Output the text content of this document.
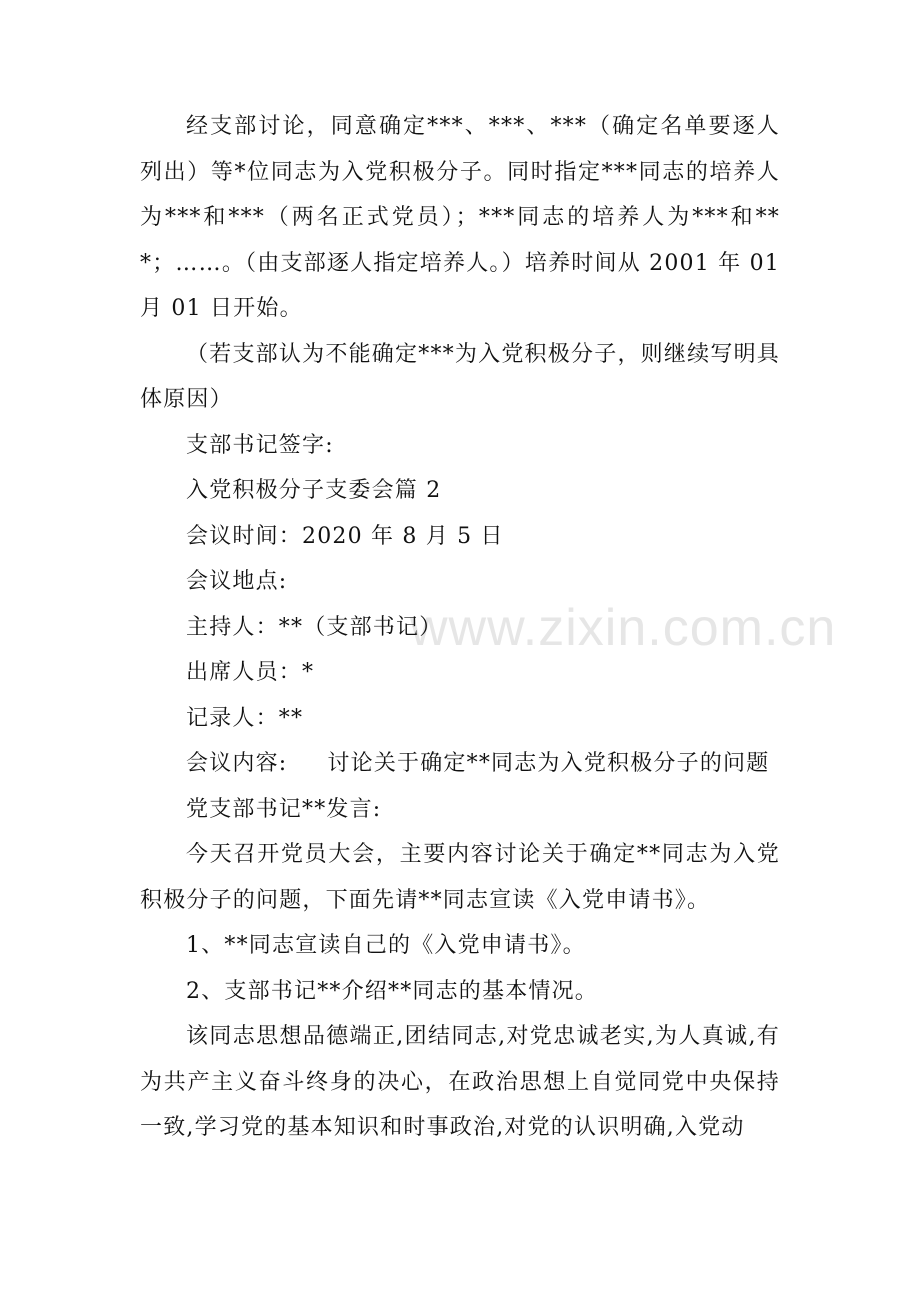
www.zixin.com.cn

经支部讨论，同意确定***、***、***（确定名单要逐人列出）等*位同志为入党积极分子。同时指定***同志的培养人为***和***（两名正式党员）；***同志的培养人为***和***；……。（由支部逐人指定培养人。）培养时间从 2001 年 01 月 01 日开始。

（若支部认为不能确定***为入党积极分子，则继续写明具体原因）

支部书记签字:

入党积极分子支委会篇 2

会议时间：2020 年 8 月 5 日

会议地点:

主持人：**（支部书记）

出席人员：*

记录人：**

会议内容: 讨论关于确定**同志为入党积极分子的问题

党支部书记**发言:

今天召开党员大会，主要内容讨论关于确定**同志为入党积极分子的问题，下面先请**同志宣读《入党申请书》。

1、**同志宣读自己的《入党申请书》。

2、支部书记**介绍**同志的基本情况。

该同志思想品德端正,团结同志,对党忠诚老实,为人真诚,有为共产主义奋斗终身的决心，在政治思想上自觉同党中央保持一致,学习党的基本知识和时事政治,对党的认识明确,入党动
